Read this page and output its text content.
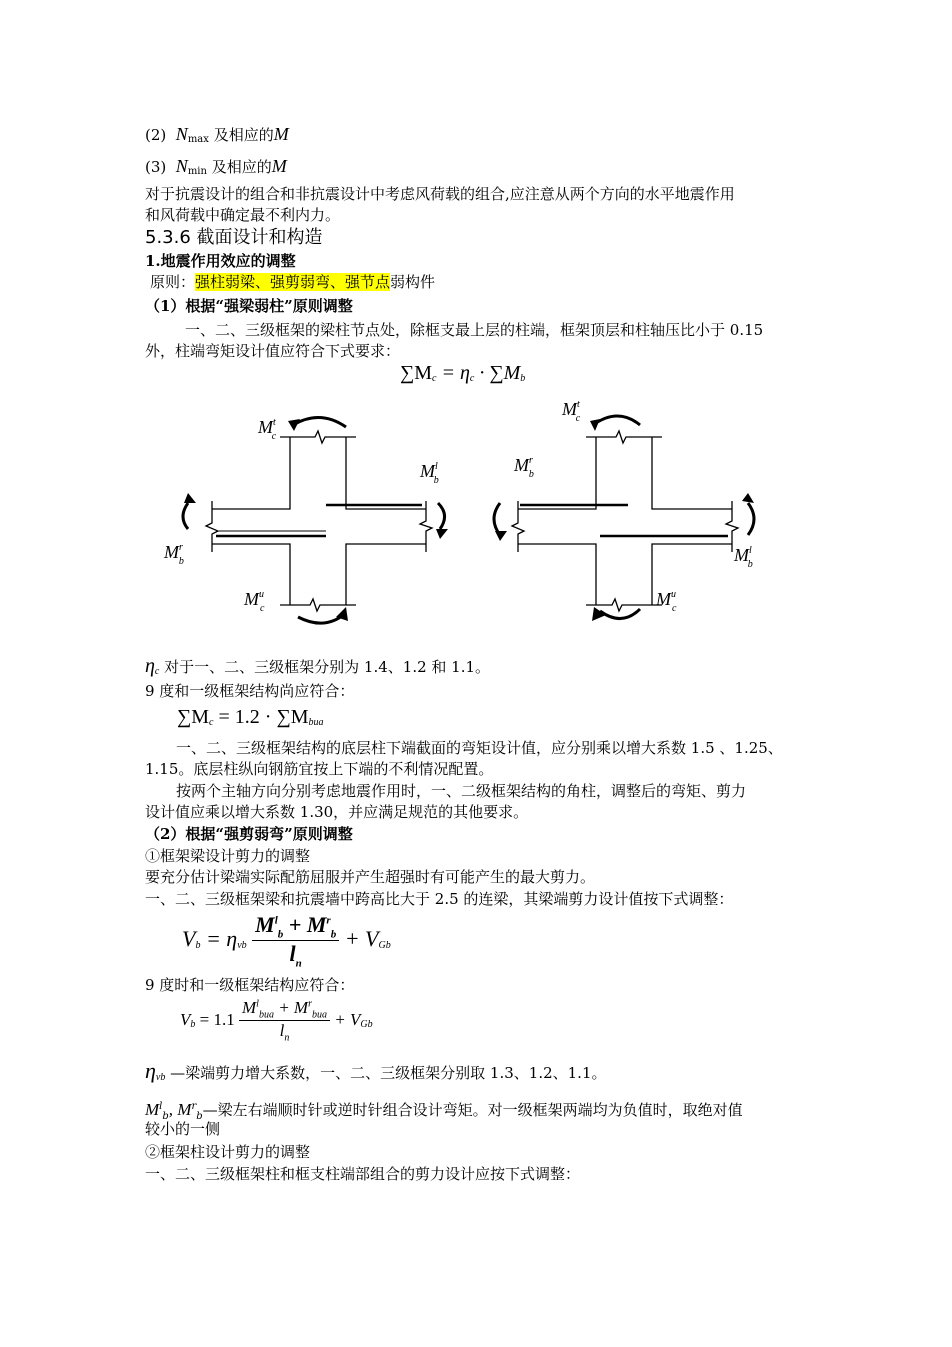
(2) $N_{max}$ 及相应的M
(3) $N_{min}$ 及相应的M
对于抗震设计的组合和非抗震设计中考虑风荷载的组合,应注意从两个方向的水平地震作用
和风荷载中确定最不利内力。
5.3.6 截面设计和构造
1.地震作用效应的调整
原则：强柱弱梁、强剪弱弯、强节点弱构件
（1）根据“强梁弱柱”原则调整
一、二、三级框架的梁柱节点处，除框支最上层的柱端，框架顶层和柱轴压比小于 0.15
外，柱端弯矩设计值应符合下式要求：
$\sum M_c = \eta_c \cdot \sum M_b$
$M^t$ c
$M^l$ b
$M^r$ b
$M^u$ c
$M^t$ c
$M^r$ b
$M^l$ b
$M^u$ c
$\eta_c$ 对于一、二、三级框架分别为 1.4、1.2 和 1.1。
9 度和一级框架结构尚应符合：
$\sum M_c = 1.2 \cdot \sum M_{bua}$
一、二、三级框架结构的底层柱下端截面的弯矩设计值，应分别乘以增大系数 1.5 、1.25、
1.15。底层柱纵向钢筋宜按上下端的不利情况配置。
按两个主轴方向分别考虑地震作用时，一、二级框架结构的角柱，调整后的弯矩、剪力
设计值应乘以增大系数 1.30，并应满足规范的其他要求。
（2）根据“强剪弱弯”原则调整
①框架梁设计剪力的调整
要充分估计梁端实际配筋屈服并产生超强时有可能产生的最大剪力。
一、二、三级框架梁和抗震墙中跨高比大于 2.5 的连梁，其梁端剪力设计值按下式调整：
$V_b = \eta_{vb} \frac{M^l_b + M^r_b}{l_n} + V_{Gb}$
9 度时和一级框架结构应符合：
$V_b = 1.1 \frac{M^l_{bua} + M^r_{bua}}{l_n} + V_{Gb}$
$\eta_{vb}$ —梁端剪力增大系数，一、二、三级框架分别取 1.3、1.2、1.1。
$M^l_b$, $M^r_b—$梁左右端顺时针或逆时针组合设计弯矩。对一级框架两端均为负值时，取绝对值
较小的一侧
②框架柱设计剪力的调整
一、二、三级框架柱和框支柱端部组合的剪力设计应按下式调整：
